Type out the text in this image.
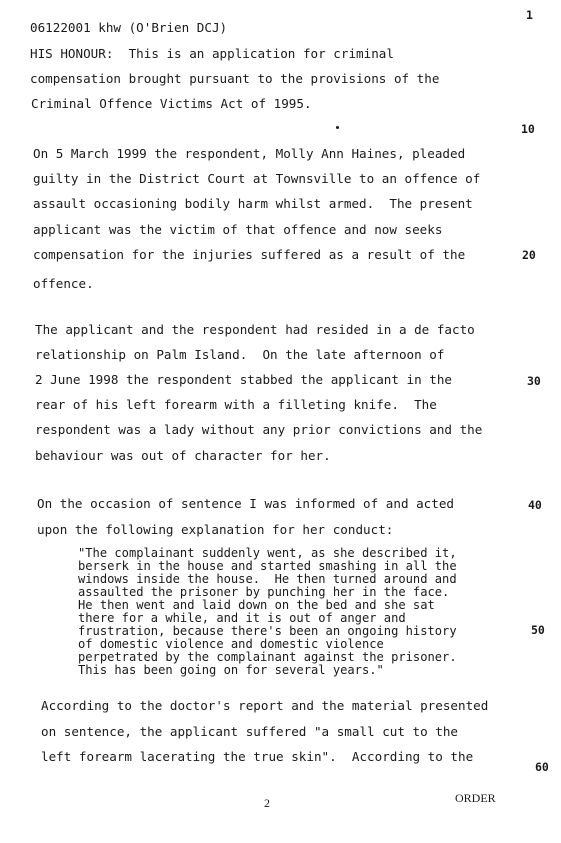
06122001 khw (O'Brien DCJ)
1
10
20
30
40
50
60
HIS HONOUR:  This is an application for criminal
compensation brought pursuant to the provisions of the
Criminal Offence Victims Act of 1995.
On 5 March 1999 the respondent, Molly Ann Haines, pleaded
guilty in the District Court at Townsville to an offence of
assault occasioning bodily harm whilst armed.  The present
applicant was the victim of that offence and now seeks
compensation for the injuries suffered as a result of the
offence.
The applicant and the respondent had resided in a de facto
relationship on Palm Island.  On the late afternoon of
2 June 1998 the respondent stabbed the applicant in the
rear of his left forearm with a filleting knife.  The
respondent was a lady without any prior convictions and the
behaviour was out of character for her.
On the occasion of sentence I was informed of and acted
upon the following explanation for her conduct:
"The complainant suddenly went, as she described it,
berserk in the house and started smashing in all the
windows inside the house.  He then turned around and
assaulted the prisoner by punching her in the face.
He then went and laid down on the bed and she sat
there for a while, and it is out of anger and
frustration, because there's been an ongoing history
of domestic violence and domestic violence
perpetrated by the complainant against the prisoner.
This has been going on for several years."
According to the doctor's report and the material presented
on sentence, the applicant suffered "a small cut to the
left forearm lacerating the true skin".  According to the
2	ORDER
